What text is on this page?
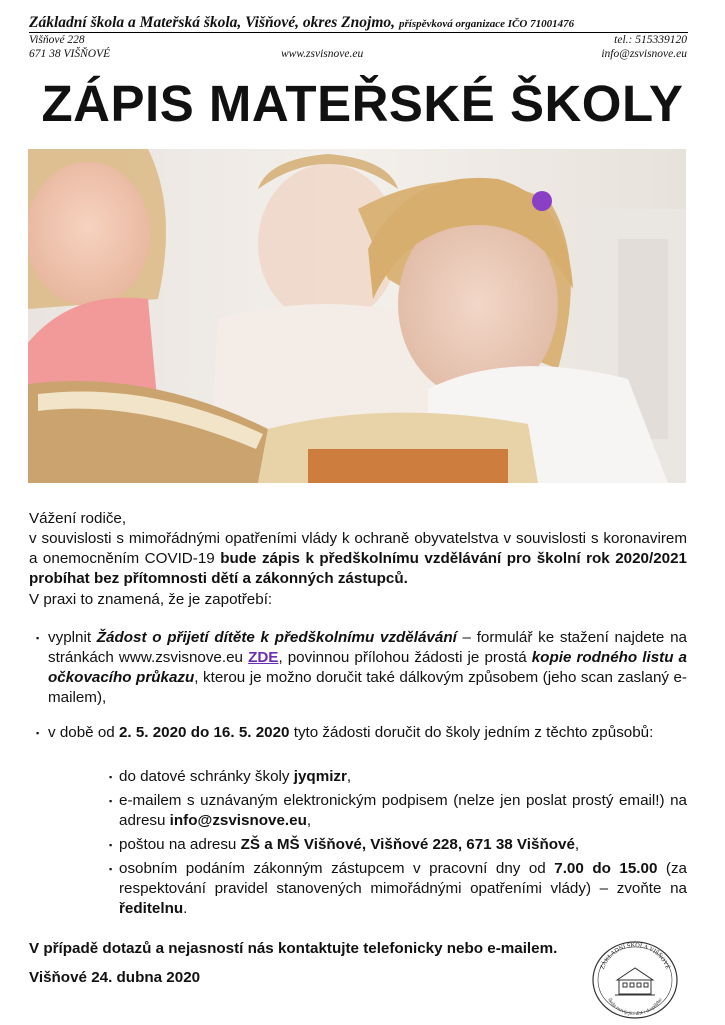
Základní škola a Mateřská škola, Višňové, okres Znojmo, příspěvková organizace IČO 71001476
Višňové 228
671 38 VIŠŇOVÉ	www.zsvisnove.eu
tel.: 515339120
info@zsvisnove.eu
ZÁPIS MATEŘSKÉ ŠKOLY

Vážení rodiče,

v souvislosti s mimořádnými opatřeními vlády k ochraně obyvatelstva v souvislosti s koronavirem a onemocněním COVID-19 bude zápis k předškolnímu vzdělávání pro školní rok 2020/2021 probíhat bez přítomnosti dětí a zákonných zástupců.

V praxi to znamená, že je zapotřebí:

▪ vyplnit Žádost o přijetí dítěte k předškolnímu vzdělávání – formulář ke stažení najdete na stránkách www.zsvisnove.eu ZDE, povinnou přílohou žádosti je prostá kopie rodného listu a očkovacího průkazu, kterou je možno doručit také dálkovým způsobem (jeho scan zaslaný e-mailem),
▪ v době od 2. 5. 2020 do 16. 5. 2020 tyto žádosti doručit do školy jedním z těchto způsobů:
▪ do datové schránky školy jyqmizr,
▪ e-mailem s uznávaným elektronickým podpisem (nelze jen poslat prostý email!) na adresu info@zsvisnove.eu,
▪ poštou na adresu ZŠ a MŠ Višňové, Višňové 228, 671 38 Višňové,
▪ osobním podáním zákonným zástupcem v pracovní dny od 7.00 do 15.00 (za respektování pravidel stanovených mimořádnými opatřeními vlády) – zvoňte na ředitelnu.
V případě dotazů a nejasností nás kontaktujte telefonicky nebo e-mailem.
Višňové 24. dubna 2020
ZÁKLADNÍ ŠKOLA VIŠŇOVÉ
škola rozvíjející dítě i dospělého
